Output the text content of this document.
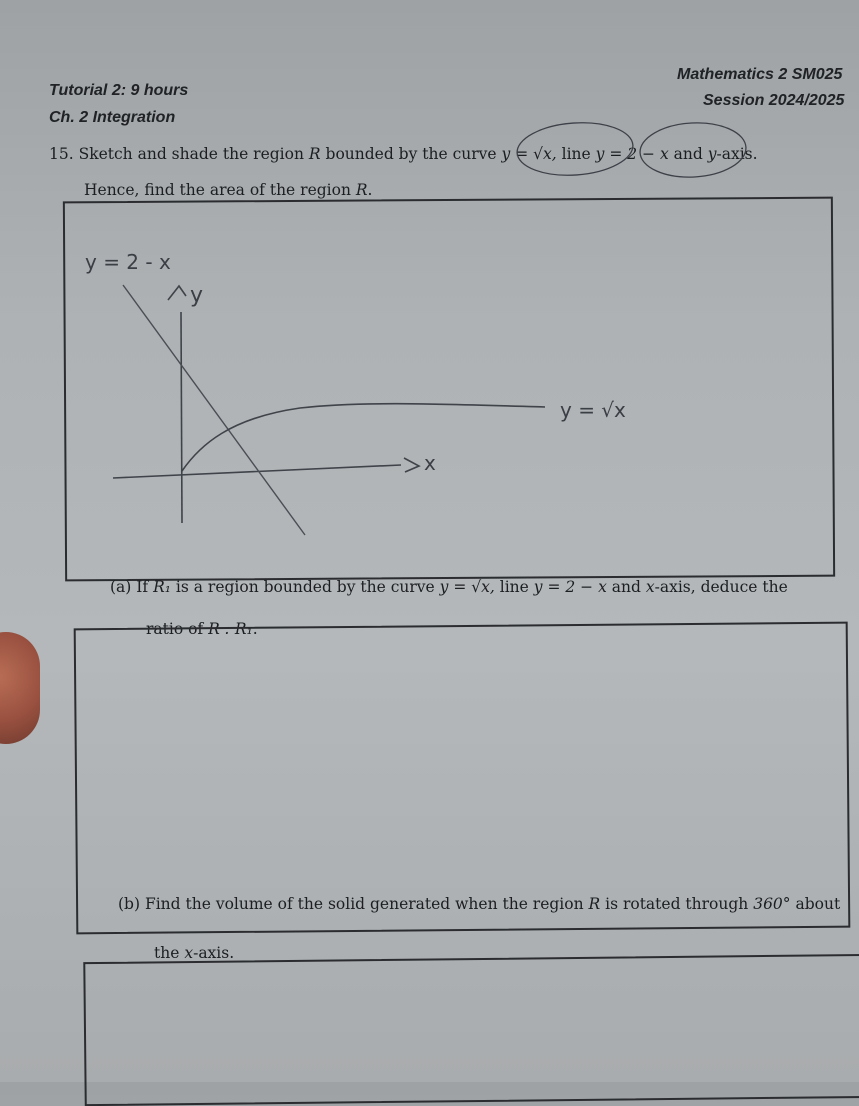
Tutorial 2: 9 hours
Ch. 2 Integration
Mathematics 2 SM025
Session 2024/2025
15. Sketch and shade the region R bounded by the curve y = √x, line y = 2 − x and y-axis.
Hence, find the area of the region R.
y = 2 - x
y
x
y = √x
(a) If R₁ is a region bounded by the curve y = √x, line y = 2 − x and x-axis, deduce the
ratio of R : R₁.
(b) Find the volume of the solid generated when the region R is rotated through 360° about
the x-axis.
